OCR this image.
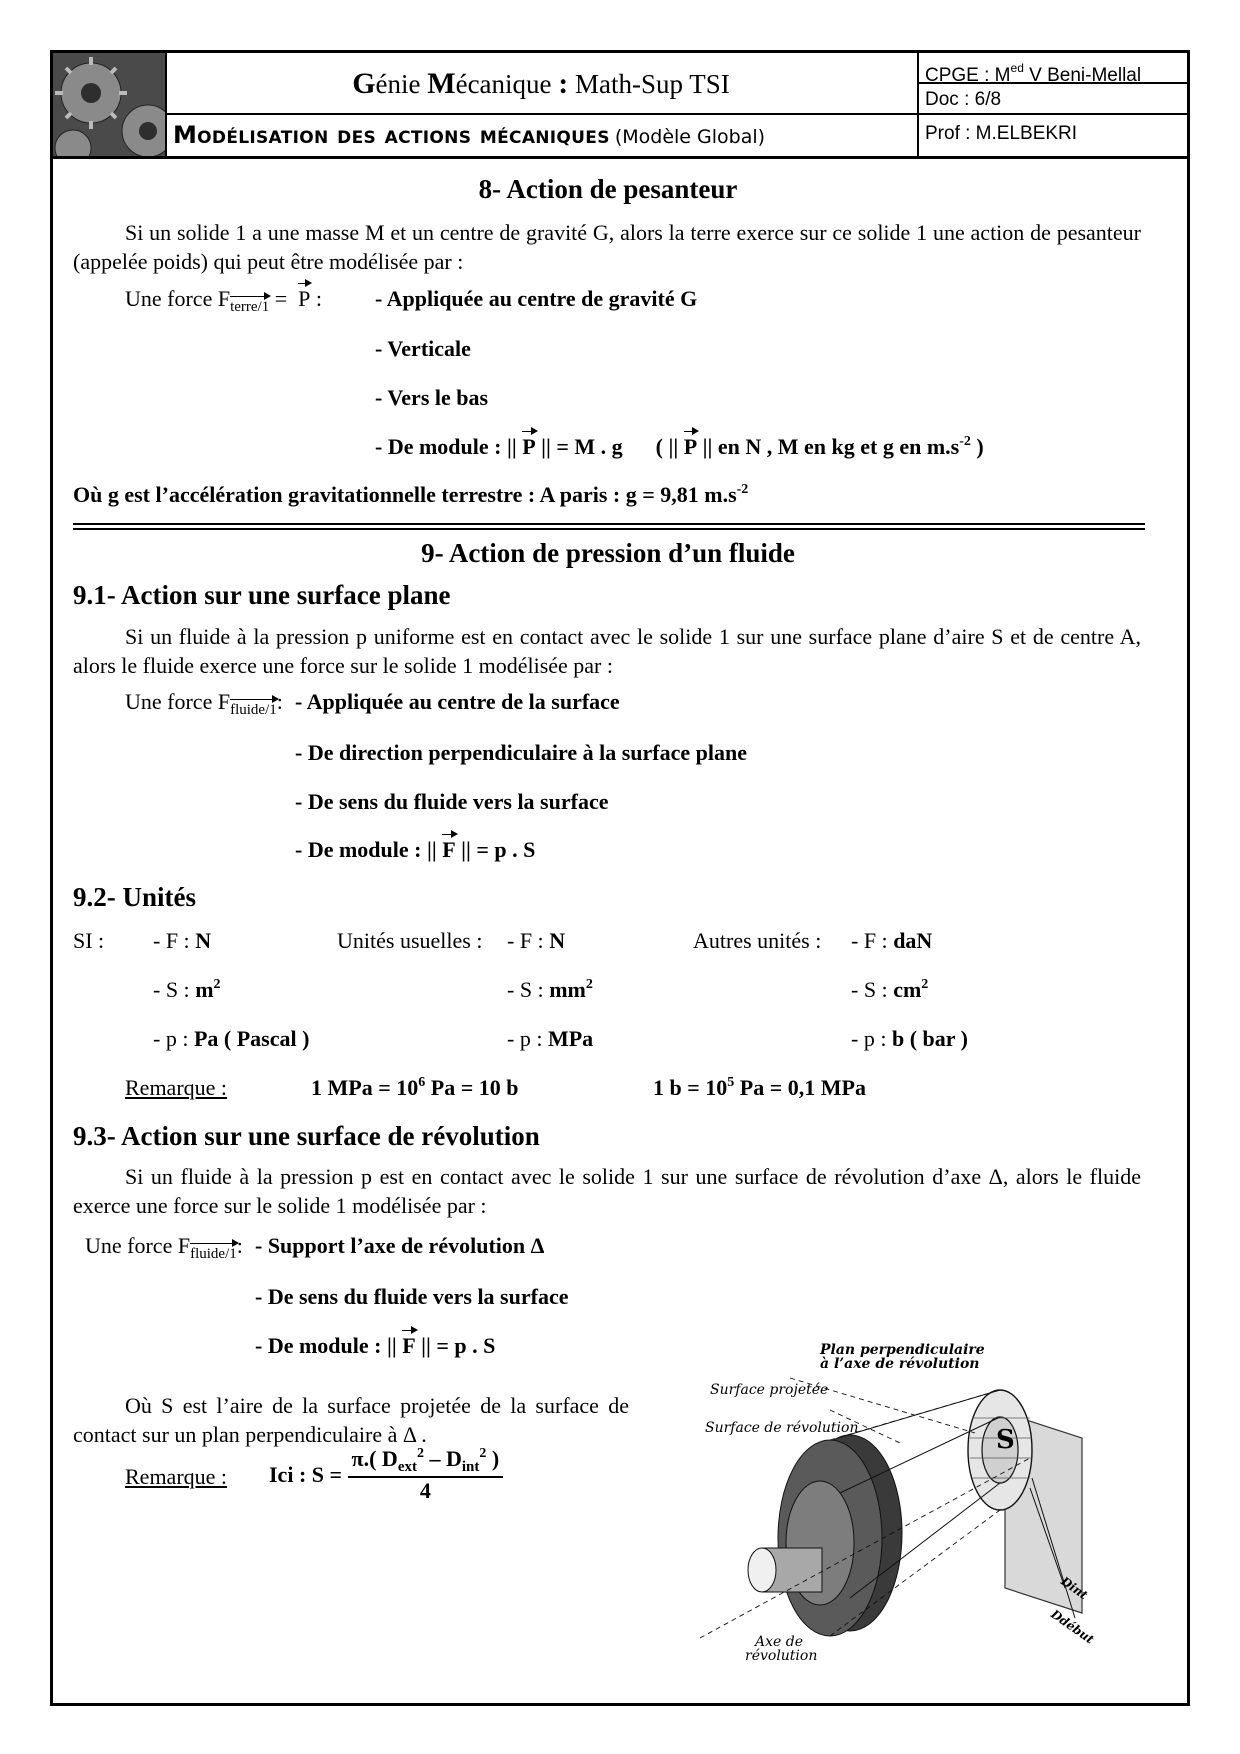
Génie Mécanique : Math-Sup TSI
Modélisation des actions mécaniques (Modèle Global)
CPGE : $M^{ed}$ V Beni-Mellal
Doc : 6/8
Prof : M.ELBEKRI
8- Action de pesanteur
Si un solide 1 a une masse M et un centre de gravité G, alors la terre exerce sur ce solide 1 une action de pesanteur (appelée poids) qui peut être modélisée par :
Une force Fterre/1 =  P : - Appliquée au centre de gravité G
- Verticale
- Vers le bas
- De module : || P || = M . g ( || P || en N , M en kg et g en $m.s^{-2}$ )
Où g est l’accélération gravitationnelle terrestre : A paris : g = 9,81 $m.s^{-2}$
9- Action de pression d’un fluide
9.1- Action sur une surface plane
Si un fluide à la pression p uniforme est en contact avec le solide 1 sur une surface plane d’aire S et de centre A, alors le fluide exerce une force sur le solide 1 modélisée par :
Une force Ffluide/1: - Appliquée au centre de la surface
- De direction perpendiculaire à la surface plane
- De sens du fluide vers la surface
- De module : || F || = p . S
9.2- Unités
SI :	Unités usuelles :	Autres unités :
- F : N	- F : N	- F : daN
- S : $m^2$	- S : $mm^2$	- S : $cm^2$
- p : Pa ( Pascal )	- p : MPa	- p : b ( bar )
Remarque :	1 MPa = $10^6$ Pa = 10 b	1 $b = 10^5$ Pa = 0,1 MPa
9.3- Action sur une surface de révolution
Si un fluide à la pression p est en contact avec le solide 1 sur une surface de révolution d’axe Δ, alors le fluide exerce une force sur le solide 1 modélisée par :
Une force Ffluide/1: - Support l’axe de révolution Δ
- De sens du fluide vers la surface
- De module : || F || = p . S
Où S est l’aire de la surface projetée de la surface de contact sur un plan perpendiculaire à Δ .
Remarque : Ici : $S = \frac{\pi.( D_{ext}^2 - D_{int}^2 )}{4}$
Plan perpendiculaire
à l’axe de révolution
Surface projetée
Surface de révolution	S
Axe de
révolution
Dint
Ddébut
